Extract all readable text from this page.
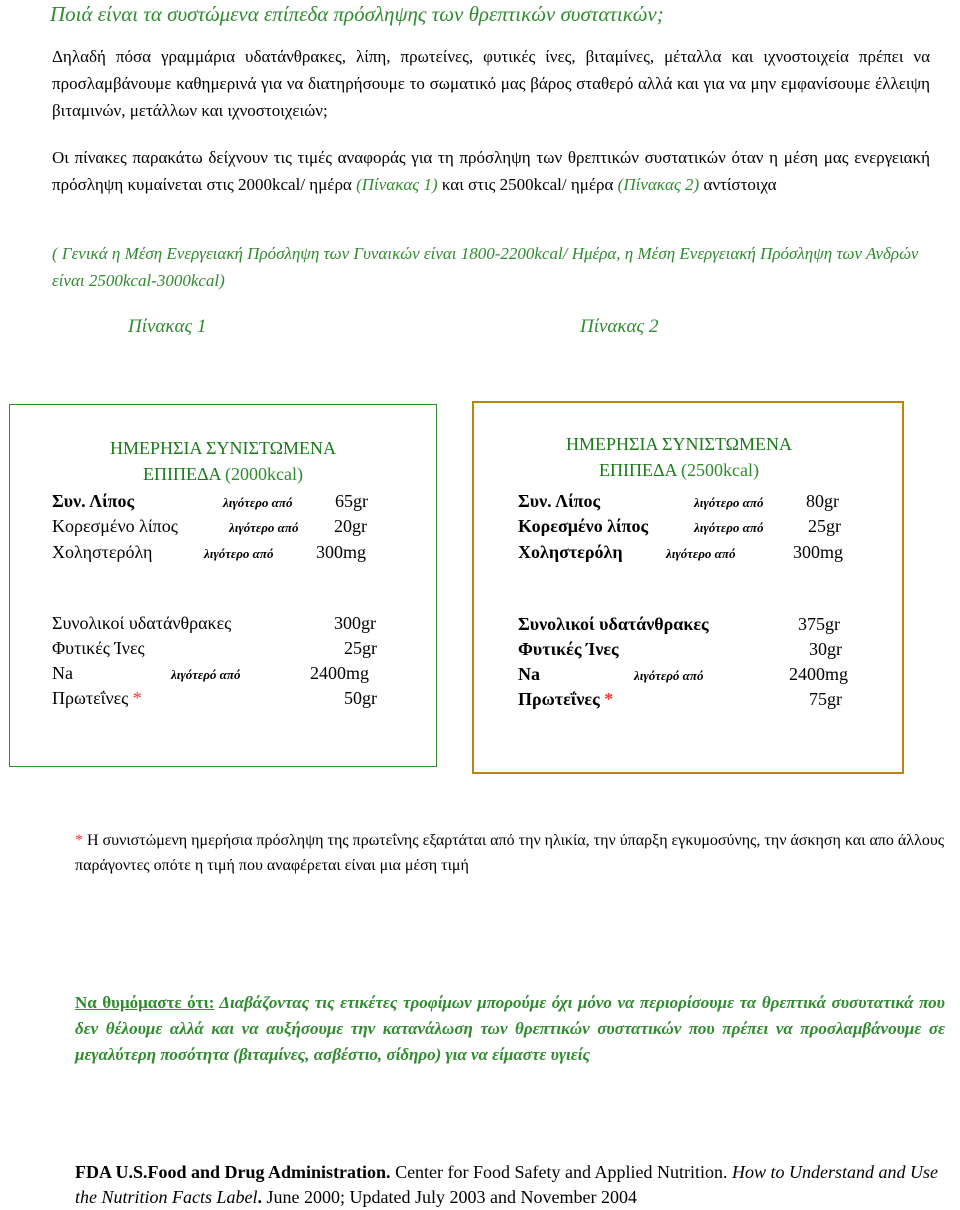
Ποιά είναι τα συστώμενα επίπεδα πρόσληψης των θρεπτικών συστατικών;
Δηλαδή πόσα γραμμάρια υδατάνθρακες, λίπη, πρωτείνες, φυτικές ίνες, βιταμίνες, μέταλλα και ιχνοστοιχεία πρέπει να προσλαμβάνουμε καθημερινά για να διατηρήσουμε το σωματικό μας βάρος σταθερό αλλά και για να μην εμφανίσουμε έλλειψη βιταμινών, μετάλλων και ιχνοστοιχειών;
Οι πίνακες παρακάτω δείχνουν τις τιμές αναφοράς για τη πρόσληψη των θρεπτικών συστατικών όταν η μέση μας ενεργειακή πρόσληψη κυμαίνεται στις 2000kcal/ ημέρα (Πίνακας 1) και στις 2500kcal/ ημέρα (Πίνακας 2) αντίστοιχα
( Γενικά η Μέση Ενεργειακή Πρόσληψη των Γυναικών είναι 1800-2200kcal/ Ημέρα, η Μέση Ενεργειακή Πρόσληψη των Ανδρών είναι 2500kcal-3000kcal)
Πίνακας 1	Πίνακας 2
ΗΜΕΡΗΣΙΑ ΣΥΝΙΣΤΩΜΕΝΑ
ΕΠΙΠΕΔΑ (2000kcal)
Συν. Λίπος	λιγότερο από 65gr
Κορεσμένο λίπος	λιγότερο από 20gr
Χοληστερόλη	λιγότερο από 300mg
Συνολικοί υδατάνθρακες	300gr
Φυτικές Ίνες	25gr
Na	λιγότερό από	2400mg
Πρωτεΐνες *	50gr
ΗΜΕΡΗΣΙΑ ΣΥΝΙΣΤΩΜΕΝΑ
ΕΠΙΠΕΔΑ (2500kcal)
Συν. Λίπος	λιγότερο από 80gr
Κορεσμένο λίπος	λιγότερο από 25gr
Χοληστερόλη	λιγότερο από	300mg
Συνολικοί υδατάνθρακες	375gr
Φυτικές Ίνες	30gr
Na	λιγότερό από	2400mg
Πρωτεΐνες *	75gr
* Η συνιστώμενη ημερήσια πρόσληψη της πρωτεΐνης εξαρτάται από την ηλικία, την ύπαρξη εγκυμοσύνης, την άσκηση και απο άλλους παράγοντες οπότε η τιμή που αναφέρεται είναι μια μέση τιμή
Να θυμόμαστε ότι: Διαβάζοντας τις ετικέτες τροφίμων μπορούμε όχι μόνο να περιορίσουμε τα θρεπτικά συσυτατικά που δεν θέλουμε αλλά και να αυξήσουμε την κατανάλωση των θρεπτικών συστατικών που πρέπει να προσλαμβάνουμε σε μεγαλύτερη ποσότητα (βιταμίνες, ασβέστιο, σίδηρο) για να είμαστε υγιείς
FDA U.S.Food and Drug Administration. Center for Food Safety and Applied Nutrition. How to Understand and Use the Nutrition Facts Label. June 2000; Updated July 2003 and November 2004
